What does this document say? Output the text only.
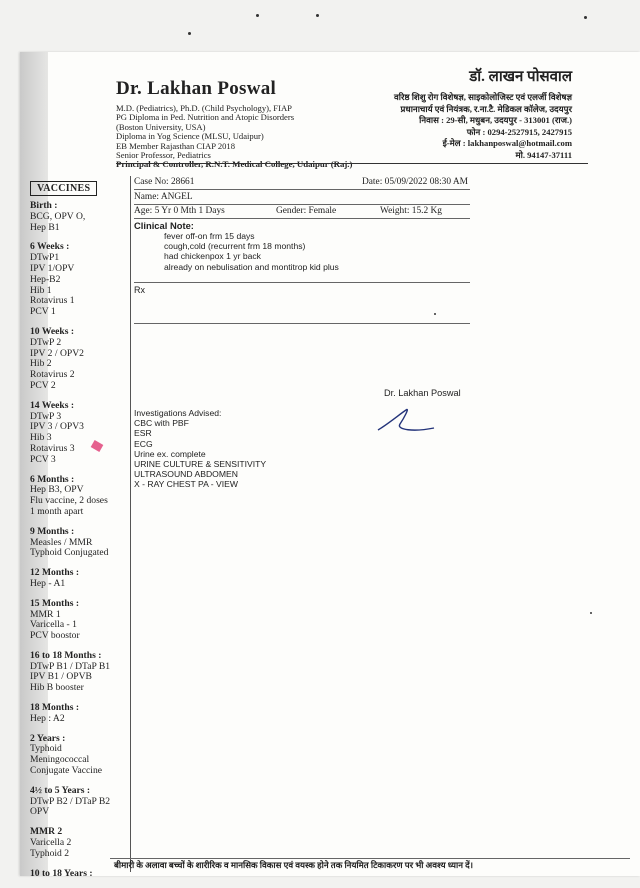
Dr. Lakhan Poswal
M.D. (Pediatrics), Ph.D. (Child Psychology), FIAP
PG Diploma in Ped. Nutrition and Atopic Disorders
(Boston University, USA)
Diploma in Yog Science (MLSU, Udaipur)
EB Member Rajasthan CIAP 2018
Senior Professor, Pediatrics
Principal & Controller, R.N.T. Medical College, Udaipur (Raj.)
डॉ. लाखन पोसवाल
वरिष्ठ शिशु रोग विशेषज्ञ, साइकोलोजिस्ट एवं एलर्जी विशेषज्ञ
प्रधानाचार्य एवं नियंत्रक, र.ना.टै. मेडिकल कॉलेज, उदयपुर
निवास : 29-सी, मधुबन, उदयपुर - 313001 (राज.)
फोन : 0294-2527915, 2427915
ई-मेल : lakhanposwal@hotmail.com
मो. 94147-37111
VACCINES
Birth :
BCG, OPV O,
Hep B1
6 Weeks :
DTwP1
IPV 1/OPV
Hep-B2
Hib 1
Rotavirus 1
PCV 1
10 Weeks :
DTwP 2
IPV 2 / OPV2
Hib 2
Rotavirus 2
PCV 2
14 Weeks :
DTwP 3
IPV 3 / OPV3
Hib 3
Rotavirus 3
PCV 3
6 Months :
Hep B3, OPV
Flu vaccine, 2 doses
1 month apart
9 Months :
Measles / MMR
Typhoid Conjugated
12 Months :
Hep - A1
15 Months :
MMR 1
Varicella - 1
PCV boostor
16 to 18 Months :
DTwP B1 / DTaP B1
IPV B1 / OPVB
Hib B booster
18 Months :
Hep : A2
2 Years :
Typhoid
Meningococcal
Conjugate Vaccine
4½ to 5 Years :
DTwP B2 / DTaP B2
OPV
MMR 2
Varicella 2
Typhoid 2
10 to 18 Years :
Case No: 28661	Date: 05/09/2022 08:30 AM
Name: ANGEL
Age: 5 Yr 0 Mth 1 Days	Gender: Female	Weight: 15.2 Kg
Clinical Note:
fever off-on frm 15 days
cough,cold (recurrent frm 18 months)
had chickenpox 1 yr back
already on nebulisation and montitrop kid plus
Rx
Dr. Lakhan Poswal
Investigations Advised:
CBC with PBF
ESR
ECG
Urine ex. complete
URINE CULTURE & SENSITIVITY
ULTRASOUND ABDOMEN
X - RAY CHEST PA - VIEW
बीमारी के अलावा बच्चों के शारीरिक व मानसिक विकास एवं वयस्क होने तक नियमित टिकाकरण पर भी अवश्य ध्यान दें।
